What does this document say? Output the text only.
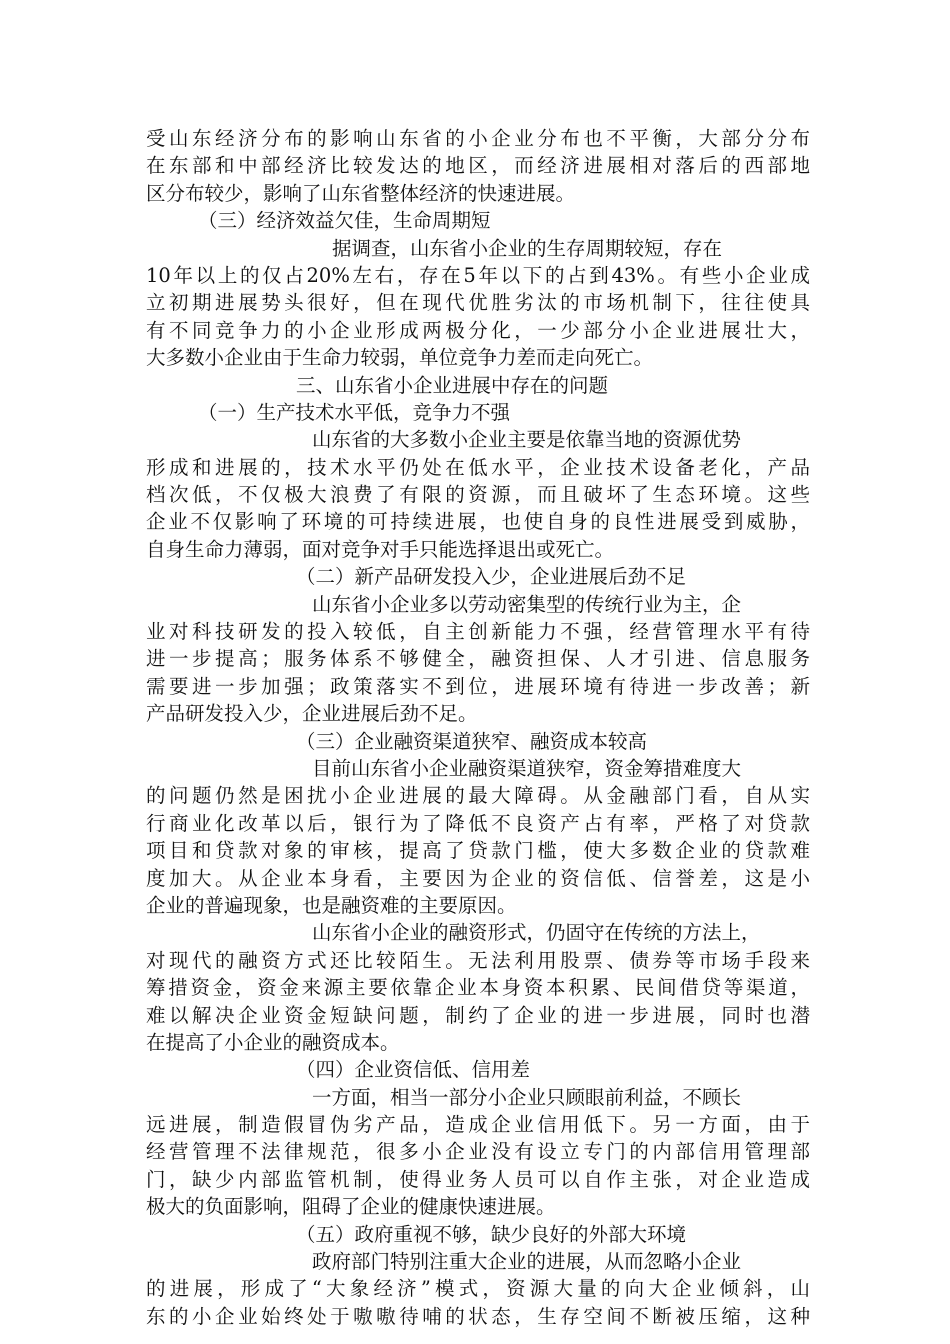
受山东经济分布的影响山东省的小企业分布也不平衡，大部分分布
在东部和中部经济比较发达的地区，而经济进展相对落后的西部地
区分布较少，影响了山东省整体经济的快速进展。
（三）经济效益欠佳，生命周期短
据调查，山东省小企业的生存周期较短，存在
10年以上的仅占20%左右，存在5年以下的占到43%。有些小企业成
立初期进展势头很好，但在现代优胜劣汰的市场机制下，往往使具
有不同竞争力的小企业形成两极分化，一少部分小企业进展壮大，
大多数小企业由于生命力较弱，单位竞争力差而走向死亡。
三、山东省小企业进展中存在的问题
（一）生产技术水平低，竞争力不强
山东省的大多数小企业主要是依靠当地的资源优势
形成和进展的，技术水平仍处在低水平，企业技术设备老化，产品
档次低，不仅极大浪费了有限的资源，而且破坏了生态环境。这些
企业不仅影响了环境的可持续进展，也使自身的良性进展受到威胁，
自身生命力薄弱，面对竞争对手只能选择退出或死亡。
（二）新产品研发投入少，企业进展后劲不足
山东省小企业多以劳动密集型的传统行业为主，企
业对科技研发的投入较低，自主创新能力不强，经营管理水平有待
进一步提高；服务体系不够健全，融资担保、人才引进、信息服务
需要进一步加强；政策落实不到位，进展环境有待进一步改善；新
产品研发投入少，企业进展后劲不足。
（三）企业融资渠道狭窄、融资成本较高
目前山东省小企业融资渠道狭窄，资金筹措难度大
的问题仍然是困扰小企业进展的最大障碍。从金融部门看，自从实
行商业化改革以后，银行为了降低不良资产占有率，严格了对贷款
项目和贷款对象的审核，提高了贷款门槛，使大多数企业的贷款难
度加大。从企业本身看，主要因为企业的资信低、信誉差，这是小
企业的普遍现象，也是融资难的主要原因。
山东省小企业的融资形式，仍固守在传统的方法上，
对现代的融资方式还比较陌生。无法利用股票、债券等市场手段来
筹措资金，资金来源主要依靠企业本身资本积累、民间借贷等渠道，
难以解决企业资金短缺问题，制约了企业的进一步进展，同时也潜
在提高了小企业的融资成本。
（四）企业资信低、信用差
一方面，相当一部分小企业只顾眼前利益，不顾长
远进展，制造假冒伪劣产品，造成企业信用低下。另一方面，由于
经营管理不法律规范，很多小企业没有设立专门的内部信用管理部
门，缺少内部监管机制，使得业务人员可以自作主张，对企业造成
极大的负面影响，阻碍了企业的健康快速进展。
（五）政府重视不够，缺少良好的外部大环境
政府部门特别注重大企业的进展，从而忽略小企业
的进展，形成了“大象经济”模式，资源大量的向大企业倾斜，山
东的小企业始终处于嗷嗷待哺的状态，生存空间不断被压缩，这种
